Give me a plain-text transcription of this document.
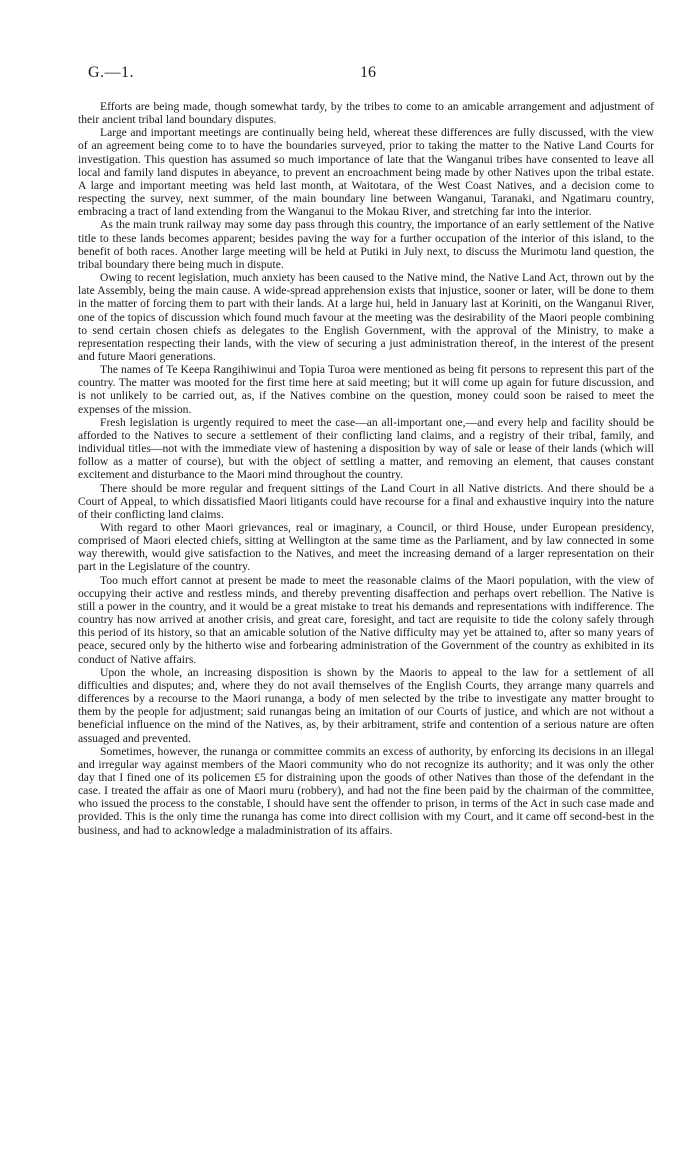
G.—1.	16

Efforts are being made, though somewhat tardy, by the tribes to come to an amicable arrangement and adjustment of their ancient tribal land boundary disputes.

Large and important meetings are continually being held, whereat these differences are fully discussed, with the view of an agreement being come to to have the boundaries surveyed, prior to taking the matter to the Native Land Courts for investigation. This question has assumed so much importance of late that the Wanganui tribes have consented to leave all local and family land disputes in abeyance, to prevent an encroachment being made by other Natives upon the tribal estate. A large and important meeting was held last month, at Waitotara, of the West Coast Natives, and a decision come to respecting the survey, next summer, of the main boundary line between Wanganui, Taranaki, and Ngatimaru country, embracing a tract of land extending from the Wanganui to the Mokau River, and stretching far into the interior.

As the main trunk railway may some day pass through this country, the importance of an early settlement of the Native title to these lands becomes apparent; besides paving the way for a further occupation of the interior of this island, to the benefit of both races. Another large meeting will be held at Putiki in July next, to discuss the Murimotu land question, the tribal boundary there being much in dispute.

Owing to recent legislation, much anxiety has been caused to the Native mind, the Native Land Act, thrown out by the late Assembly, being the main cause. A wide-spread apprehension exists that injustice, sooner or later, will be done to them in the matter of forcing them to part with their lands. At a large hui, held in January last at Koriniti, on the Wanganui River, one of the topics of discussion which found much favour at the meeting was the desirability of the Maori people combining to send certain chosen chiefs as delegates to the English Government, with the approval of the Ministry, to make a representation respecting their lands, with the view of securing a just administration thereof, in the interest of the present and future Maori generations.

The names of Te Keepa Rangihiwinui and Topia Turoa were mentioned as being fit persons to represent this part of the country. The matter was mooted for the first time here at said meeting; but it will come up again for future discussion, and is not unlikely to be carried out, as, if the Natives combine on the question, money could soon be raised to meet the expenses of the mission.

Fresh legislation is urgently required to meet the case—an all-important one,—and every help and facility should be afforded to the Natives to secure a settlement of their conflicting land claims, and a registry of their tribal, family, and individual titles—not with the immediate view of hastening a disposition by way of sale or lease of their lands (which will follow as a matter of course), but with the object of settling a matter, and removing an element, that causes constant excitement and disturbance to the Maori mind throughout the country.

There should be more regular and frequent sittings of the Land Court in all Native districts. And there should be a Court of Appeal, to which dissatisfied Maori litigants could have recourse for a final and exhaustive inquiry into the nature of their conflicting land claims.

With regard to other Maori grievances, real or imaginary, a Council, or third House, under European presidency, comprised of Maori elected chiefs, sitting at Wellington at the same time as the Parliament, and by law connected in some way therewith, would give satisfaction to the Natives, and meet the increasing demand of a larger representation on their part in the Legislature of the country.

Too much effort cannot at present be made to meet the reasonable claims of the Maori population, with the view of occupying their active and restless minds, and thereby preventing disaffection and perhaps overt rebellion. The Native is still a power in the country, and it would be a great mistake to treat his demands and representations with indifference. The country has now arrived at another crisis, and great care, foresight, and tact are requisite to tide the colony safely through this period of its history, so that an amicable solution of the Native difficulty may yet be attained to, after so many years of peace, secured only by the hitherto wise and forbearing administration of the Government of the country as exhibited in its conduct of Native affairs.

Upon the whole, an increasing disposition is shown by the Maoris to appeal to the law for a settlement of all difficulties and disputes; and, where they do not avail themselves of the English Courts, they arrange many quarrels and differences by a recourse to the Maori runanga, a body of men selected by the tribe to investigate any matter brought to them by the people for adjustment; said runangas being an imitation of our Courts of justice, and which are not without a beneficial influence on the mind of the Natives, as, by their arbitrament, strife and contention of a serious nature are often assuaged and prevented.

Sometimes, however, the runanga or committee commits an excess of authority, by enforcing its decisions in an illegal and irregular way against members of the Maori community who do not recognize its authority; and it was only the other day that I fined one of its policemen £5 for distraining upon the goods of other Natives than those of the defendant in the case. I treated the affair as one of Maori muru (robbery), and had not the fine been paid by the chairman of the committee, who issued the process to the constable, I should have sent the offender to prison, in terms of the Act in such case made and provided. This is the only time the runanga has come into direct collision with my Court, and it came off second-best in the business, and had to acknowledge a maladministration of its affairs.
